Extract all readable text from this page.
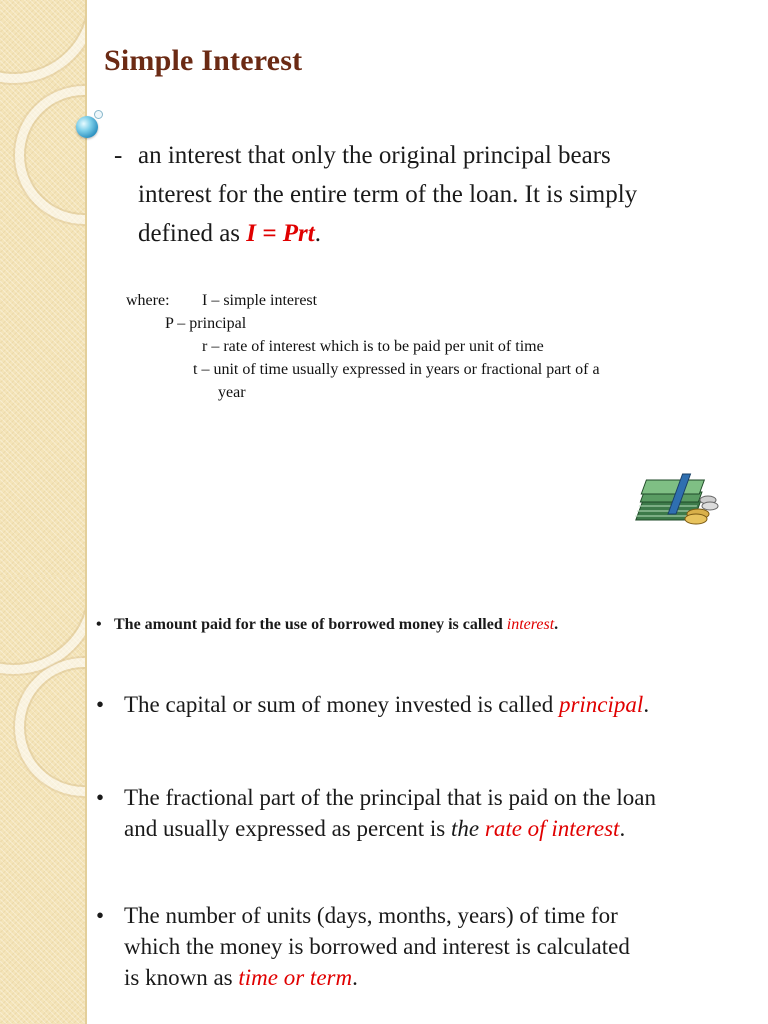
Simple Interest
- an interest that only the original principal bears
interest for the entire term of the loan. It is simply
defined as I = Prt.
where: I – simple interest
P – principal
r – rate of interest which is to be paid per unit of time
t – unit of time usually expressed in years or fractional part of a
year
• The amount paid for the use of borrowed money is called interest.
• The capital or sum of money invested is called principal.
• The fractional part of the principal that is paid on the loan
and usually expressed as percent is the rate of interest.
• The number of units (days, months, years) of time for
which the money is borrowed and interest is calculated
is known as time or term.
